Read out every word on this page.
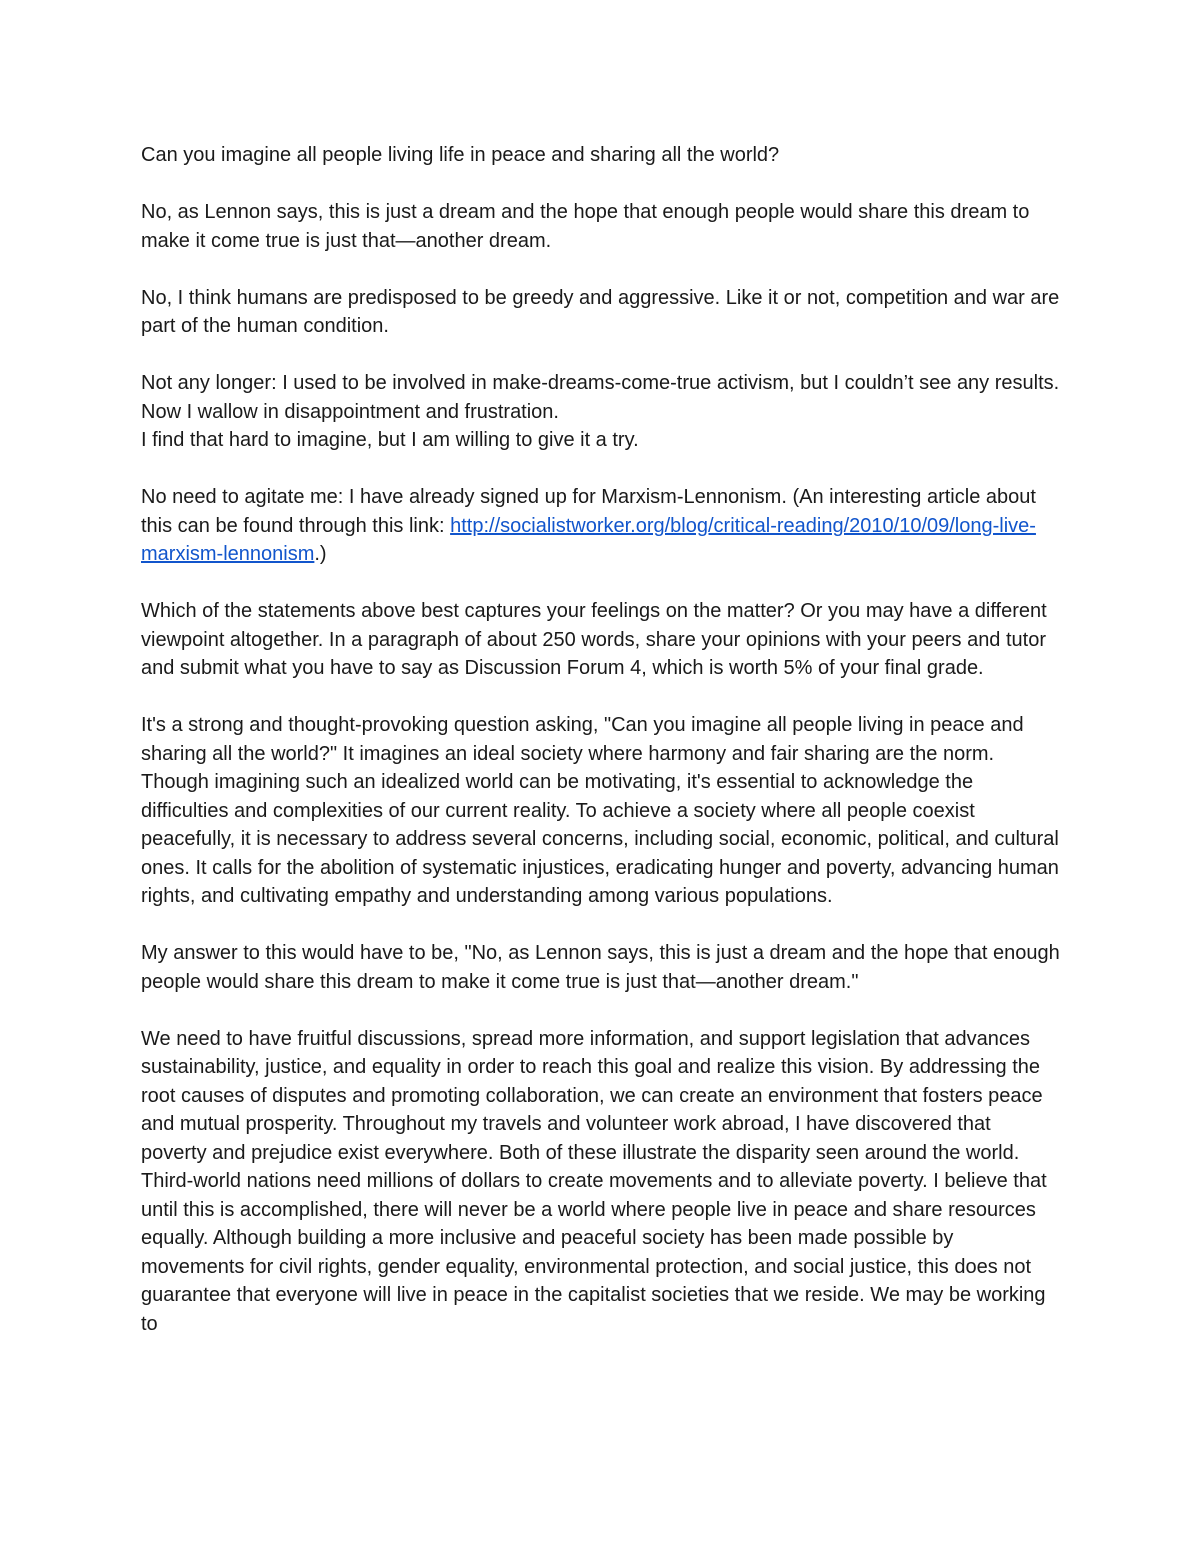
Can you imagine all people living life in peace and sharing all the world?

No, as Lennon says, this is just a dream and the hope that enough people would share this dream to make it come true is just that—another dream.

No, I think humans are predisposed to be greedy and aggressive. Like it or not, competition and war are part of the human condition.

Not any longer: I used to be involved in make-dreams-come-true activism, but I couldn’t see any results. Now I wallow in disappointment and frustration.

I find that hard to imagine, but I am willing to give it a try.

No need to agitate me: I have already signed up for Marxism-Lennonism. (An interesting article about this can be found through this link: http://socialistworker.org/blog/critical-reading/2010/10/09/long-live-marxism-lennonism.)

Which of the statements above best captures your feelings on the matter? Or you may have a different viewpoint altogether. In a paragraph of about 250 words, share your opinions with your peers and tutor and submit what you have to say as Discussion Forum 4, which is worth 5% of your final grade.

It's a strong and thought-provoking question asking, "Can you imagine all people living in peace and sharing all the world?" It imagines an ideal society where harmony and fair sharing are the norm. Though imagining such an idealized world can be motivating, it's essential to acknowledge the difficulties and complexities of our current reality. To achieve a society where all people coexist peacefully, it is necessary to address several concerns, including social, economic, political, and cultural ones. It calls for the abolition of systematic injustices, eradicating hunger and poverty, advancing human rights, and cultivating empathy and understanding among various populations.

My answer to this would have to be, "No, as Lennon says, this is just a dream and the hope that enough people would share this dream to make it come true is just that—another dream."

We need to have fruitful discussions, spread more information, and support legislation that advances sustainability, justice, and equality in order to reach this goal and realize this vision. By addressing the root causes of disputes and promoting collaboration, we can create an environment that fosters peace and mutual prosperity. Throughout my travels and volunteer work abroad, I have discovered that poverty and prejudice exist everywhere. Both of these illustrate the disparity seen around the world. Third-world nations need millions of dollars to create movements and to alleviate poverty. I believe that until this is accomplished, there will never be a world where people live in peace and share resources equally. Although building a more inclusive and peaceful society has been made possible by movements for civil rights, gender equality, environmental protection, and social justice, this does not guarantee that everyone will live in peace in the capitalist societies that we reside. We may be working to
